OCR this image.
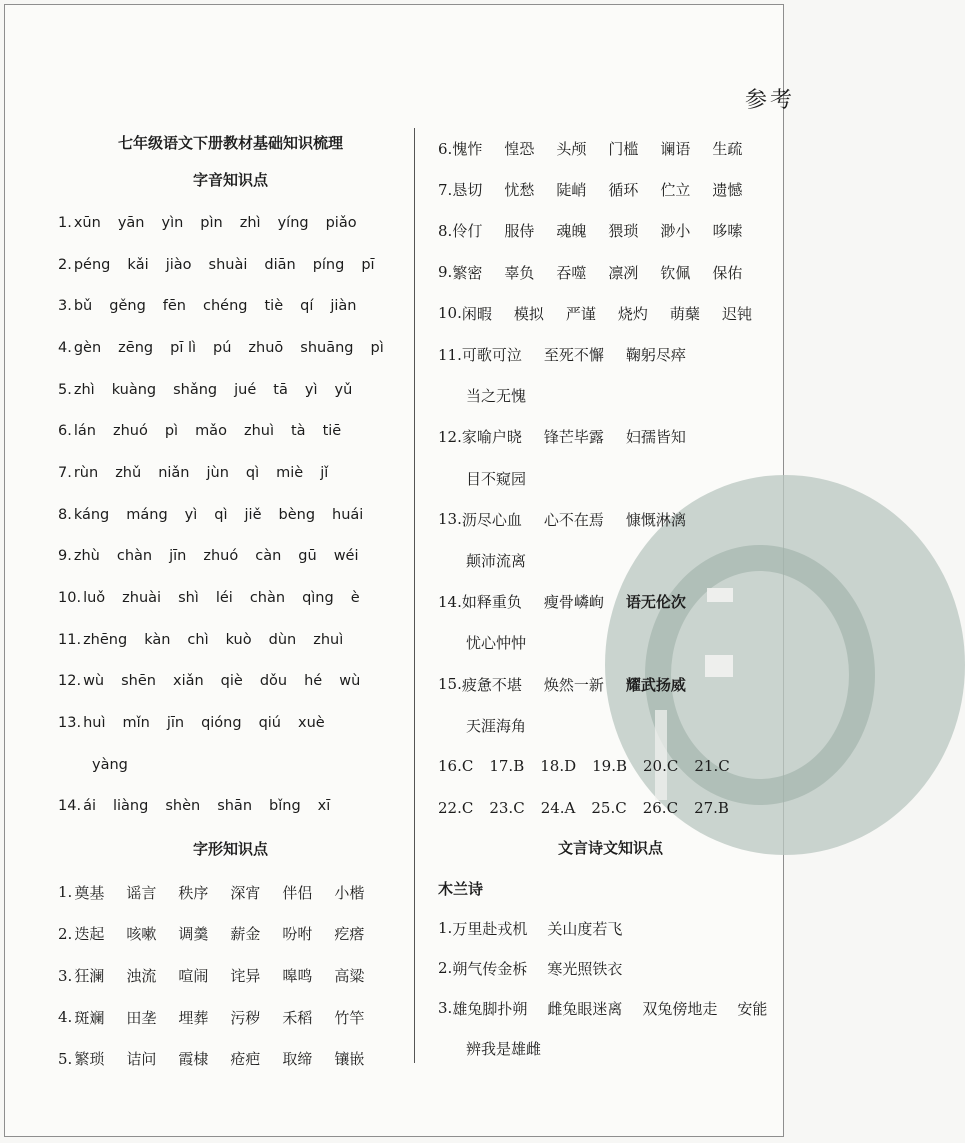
参考
七年级语文下册教材基础知识梳理
字音知识点
1. xūn yān yìn pìn zhì yíng piǎo
2. péng kǎi jiào shuài diān píng pī
3. bǔ gěng fēn chéng tiè qí jiàn
4. gèn zēng pī lì pú zhuō shuāng pì
5. zhì kuàng shǎng jué tā yì yǔ
6. lán zhuó pì mǎo zhuì tà tiē
7. rùn zhǔ niǎn jùn qì miè jǐ
8. káng máng yì qì jiě bèng huái
9. zhù chàn jīn zhuó càn gū wéi
10. luǒ zhuài shì léi chàn qìng è
11. zhēng kàn chì kuò dùn zhuì
12. wù shēn xiǎn qiè dǒu hé wù
13. huì mǐn jīn qióng qiú xuè
yàng
14. ái liàng shèn shān bǐng xī
字形知识点
1. 奠基 谣言 秩序 深宵 伴侣 小楷
2. 迭起 咳嗽 调羹 薪金 吩咐 疙瘩
3. 狂澜 浊流 喧闹 诧异 嗥鸣 高粱
4. 斑斓 田垄 埋葬 污秽 禾稻 竹竿
5. 繁琐 诘问 霞棣 疮疤 取缔 镶嵌
6. 愧怍 惶恐 头颅 门槛 谰语 生疏
7. 恳切 忧愁 陡峭 循环 伫立 遗憾
8. 伶仃 服侍 魂魄 猥琐 渺小 哆嗦
9. 繁密 辜负 吞噬 凛冽 钦佩 保佑
10. 闲暇 模拟 严谨 烧灼 萌蘖 迟钝
11. 可歌可泣 至死不懈 鞠躬尽瘁
当之无愧
12. 家喻户晓 锋芒毕露 妇孺皆知
目不窥园
13. 沥尽心血 心不在焉 慷慨淋漓
颠沛流离
14. 如释重负 瘦骨嶙峋 语无伦次
忧心忡忡
15. 疲惫不堪 焕然一新 耀武扬威
天涯海角
16.C 17.B 18.D 19.B 20.C 21.C
22.C 23.C 24.A 25.C 26.C 27.B
文言诗文知识点
木兰诗
1. 万里赴戎机 关山度若飞
2. 朔气传金柝 寒光照铁衣
3. 雄兔脚扑朔 雌兔眼迷离 双兔傍地走 安能
辨我是雄雌
